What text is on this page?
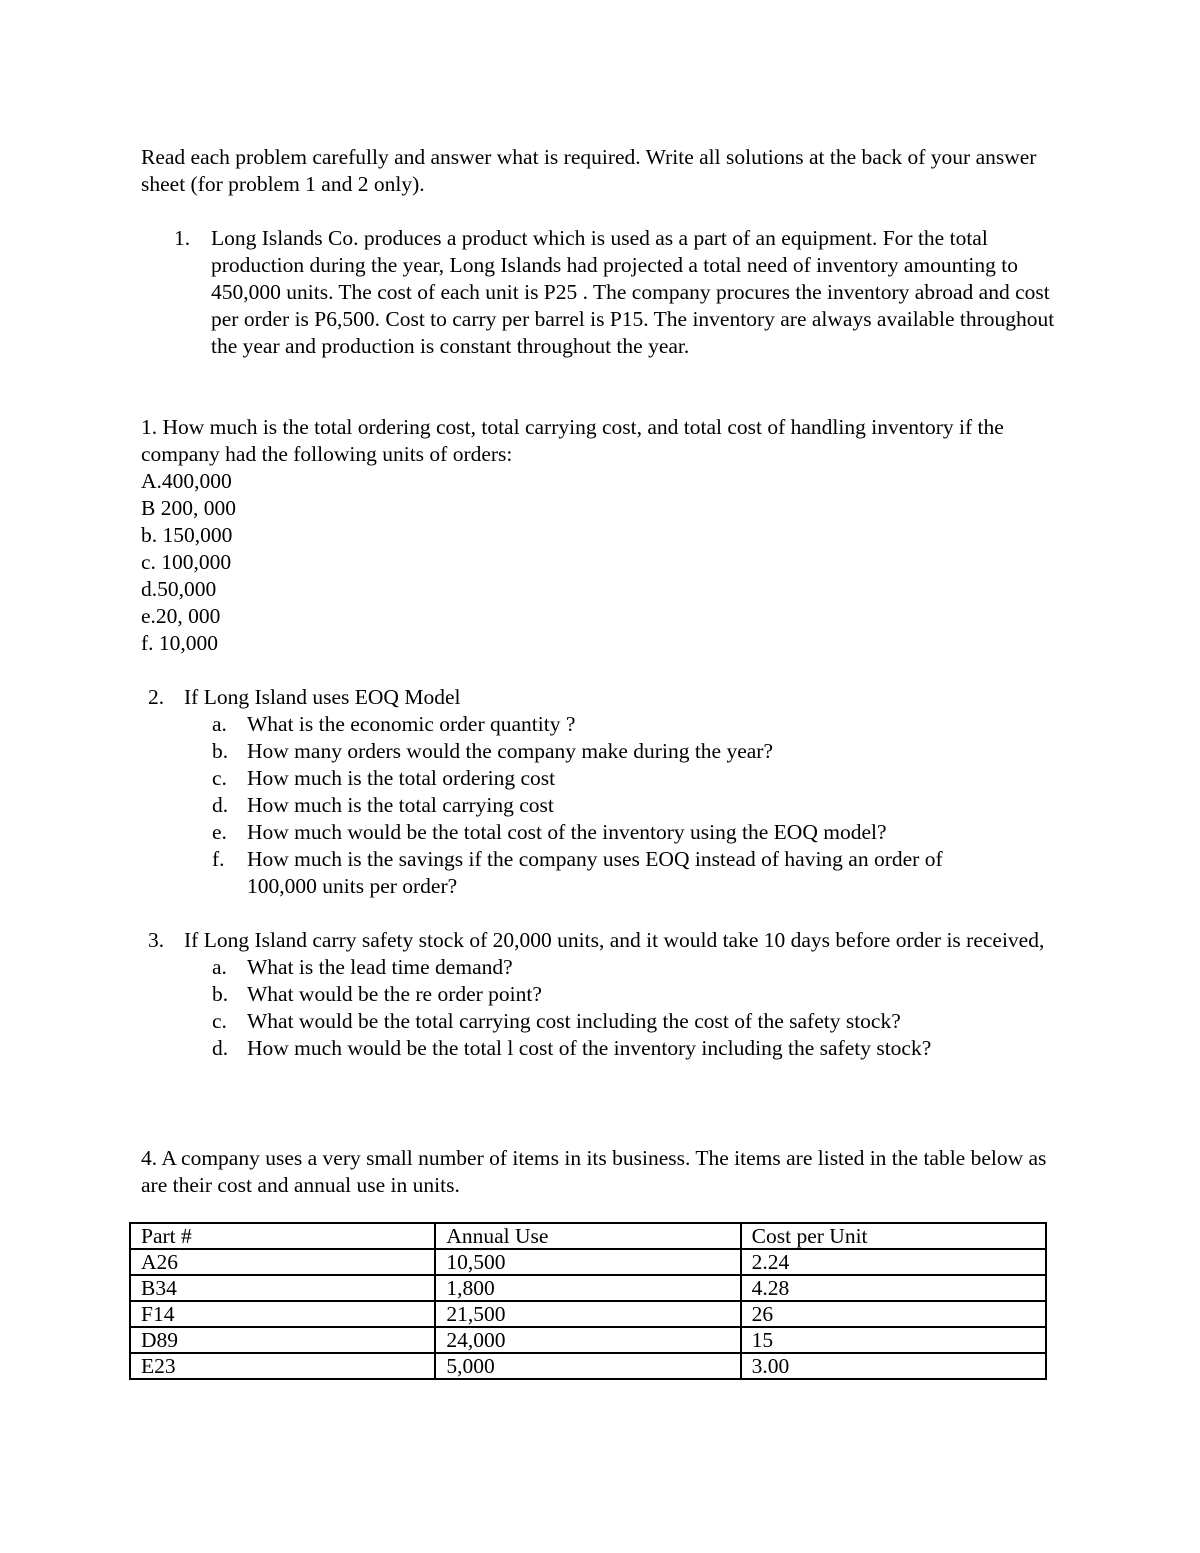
Read each problem carefully and answer what is required. Write all solutions at the back of your answer sheet (for problem 1 and 2 only).
1. Long Islands Co. produces a product which is used as a part of an equipment. For the total production during the year, Long Islands had projected a total need of inventory amounting to 450,000 units. The cost of each unit is P25 . The company procures the inventory abroad and cost per order is P6,500. Cost to carry per barrel is P15. The inventory are always available throughout the year and production is constant throughout the year.
1. How much is the total ordering cost, total carrying cost, and total cost of handling inventory if the company had the following units of orders:
A.400,000
B 200, 000
b. 150,000
c. 100,000
d.50,000
e.20, 000
f. 10,000
2. If Long Island uses EOQ Model
a. What is the economic order quantity ?
b. How many orders would the company make during the year?
c. How much is the total ordering cost
d. How much is the total carrying cost
e. How much would be the total cost of the inventory using the EOQ model?
f. How much is the savings if the company uses EOQ instead of having an order of 100,000 units per order?
3. If Long Island carry safety stock of 20,000 units, and it would take 10 days before order is received,
a. What is the lead time demand?
b. What would be the re order point?
c. What would be the total carrying cost including the cost of the safety stock?
d. How much would be the total l cost of the inventory including the safety stock?
4. A company uses a very small number of items in its business. The items are listed in the table below as are their cost and annual use in units.
Part #	Annual Use	Cost per Unit
A26	10,500	2.24
B34	1,800	4.28
F14	21,500	26
D89	24,000	15
E23	5,000	3.00
